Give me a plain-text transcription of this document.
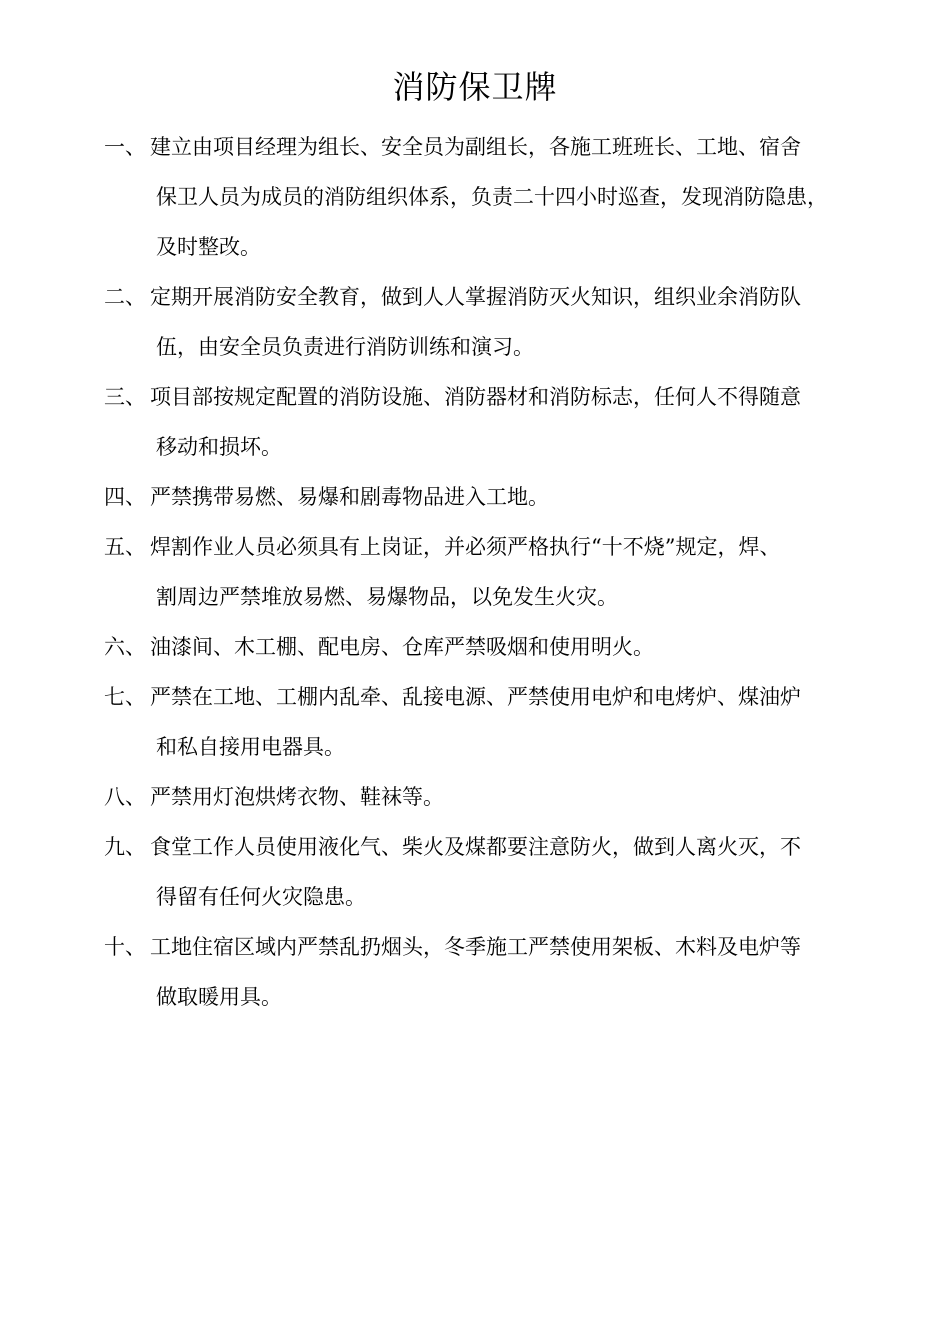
消防保卫牌
一、 建立由项目经理为组长、安全员为副组长，各施工班班长、工地、宿舍
保卫人员为成员的消防组织体系，负责二十四小时巡查，发现消防隐患，
及时整改。
二、 定期开展消防安全教育，做到人人掌握消防灭火知识，组织业余消防队
伍，由安全员负责进行消防训练和演习。
三、 项目部按规定配置的消防设施、消防器材和消防标志，任何人不得随意
移动和损坏。
四、 严禁携带易燃、易爆和剧毒物品进入工地。
五、 焊割作业人员必须具有上岗证，并必须严格执行“十不烧”规定，焊、
割周边严禁堆放易燃、易爆物品，以免发生火灾。
六、 油漆间、木工棚、配电房、仓库严禁吸烟和使用明火。
七、 严禁在工地、工棚内乱牵、乱接电源、严禁使用电炉和电烤炉、煤油炉
和私自接用电器具。
八、 严禁用灯泡烘烤衣物、鞋袜等。
九、 食堂工作人员使用液化气、柴火及煤都要注意防火，做到人离火灭，不
得留有任何火灾隐患。
十、 工地住宿区域内严禁乱扔烟头，冬季施工严禁使用架板、木料及电炉等
做取暖用具。
